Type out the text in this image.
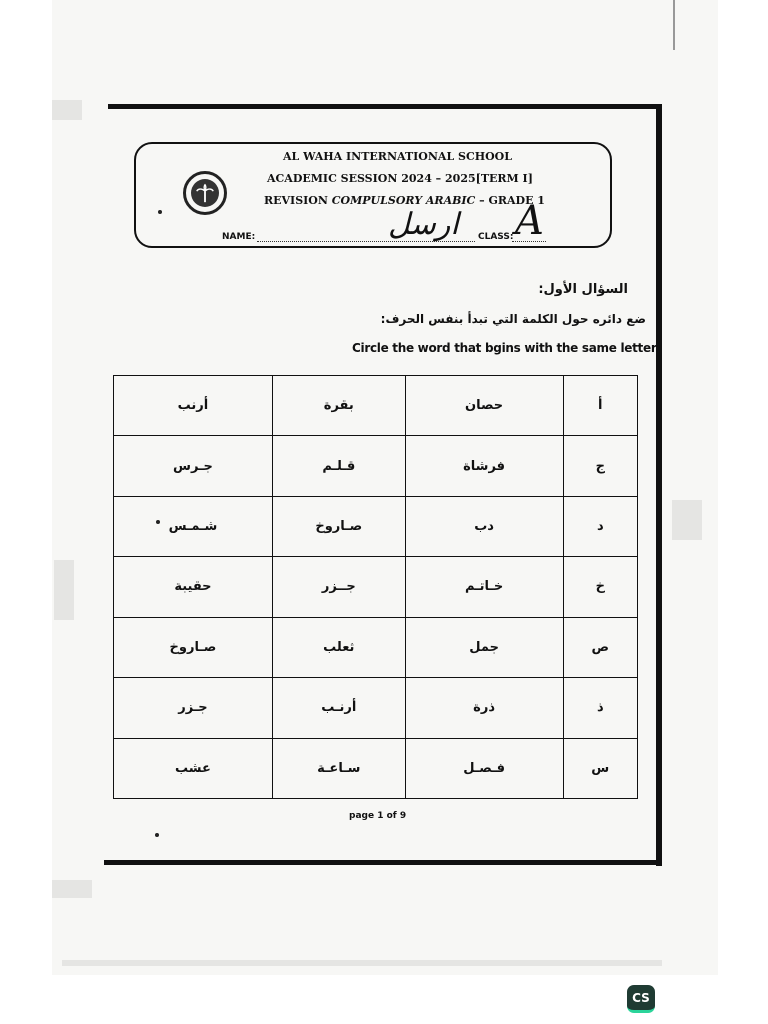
AL WAHA INTERNATIONAL SCHOOL
ACADEMIC SESSION 2024 – 2025[TERM I]
REVISION COMPULSORY ARABIC – GRADE 1
NAME:	ارسل CLASS: A
السؤال الأول:
ضع دائره حول الكلمة التي تبدأ بنفس الحرف:
Circle the word that bgins with the same letter:
أرنب	بقرة	حصان	أ
جـرس	قـلـم	فرشاة	ج
شـمـس	صـاروخ	دب	د
حقيبة	جــزر	خـاتـم	خ
صـاروخ	ثعلب	جمل	ص
جـزر	أرنـب	ذرة	ذ
عشب	سـاعـة	فـصـل	س
page 1 of 9
CS
